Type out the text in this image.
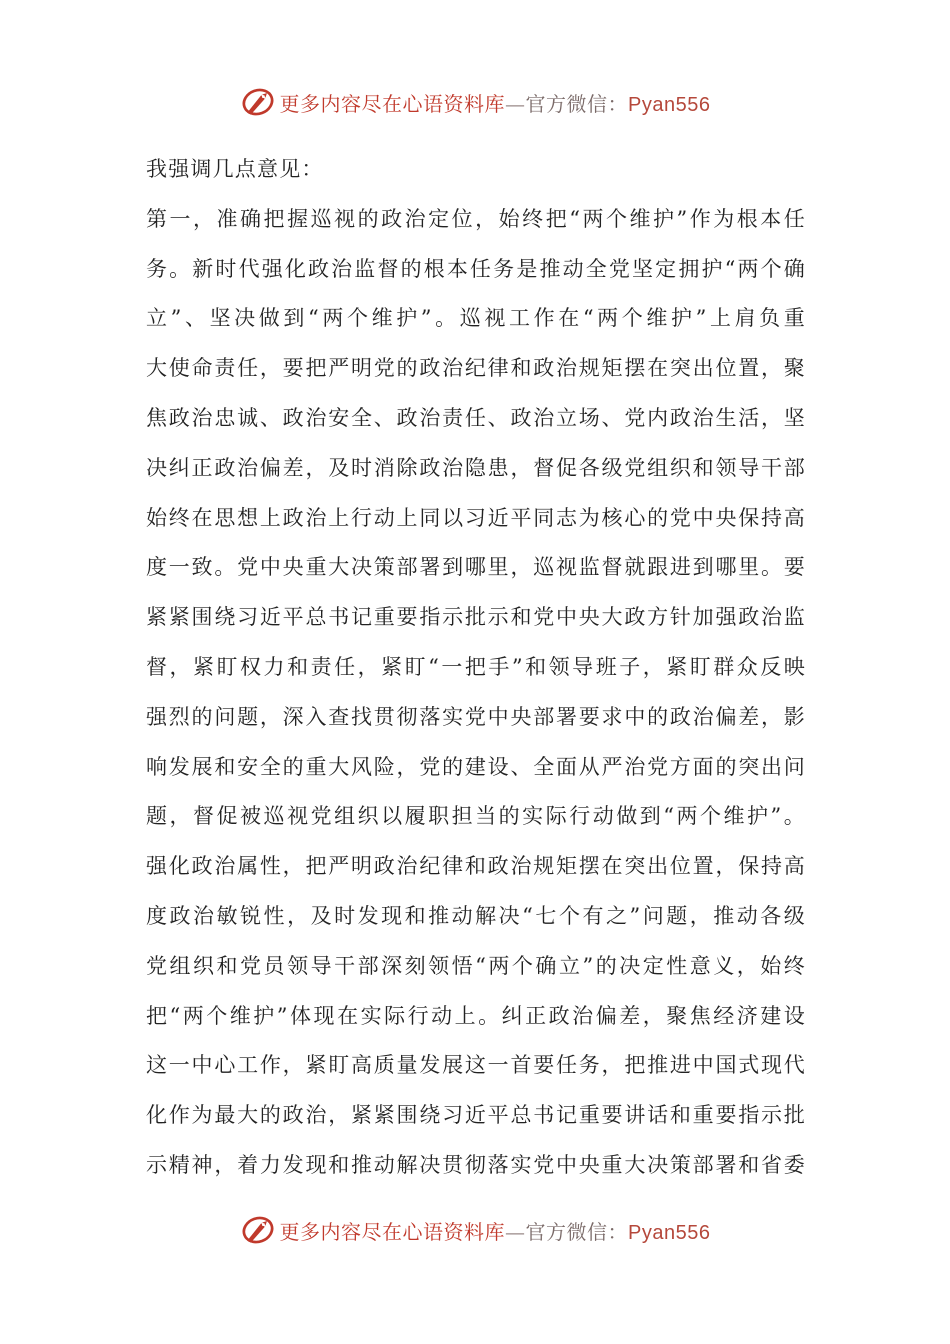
更多内容尽在心语资料库—官方微信：Pyan556
我强调几点意见：
第一，准确把握巡视的政治定位，始终把“两个维护”作为根本任
务。新时代强化政治监督的根本任务是推动全党坚定拥护“两个确
立”、坚决做到“两个维护”。巡视工作在“两个维护”上肩负重
大使命责任，要把严明党的政治纪律和政治规矩摆在突出位置，聚
焦政治忠诚、政治安全、政治责任、政治立场、党内政治生活，坚
决纠正政治偏差，及时消除政治隐患，督促各级党组织和领导干部
始终在思想上政治上行动上同以习近平同志为核心的党中央保持高
度一致。党中央重大决策部署到哪里，巡视监督就跟进到哪里。要
紧紧围绕习近平总书记重要指示批示和党中央大政方针加强政治监
督，紧盯权力和责任，紧盯“一把手”和领导班子，紧盯群众反映
强烈的问题，深入查找贯彻落实党中央部署要求中的政治偏差，影
响发展和安全的重大风险，党的建设、全面从严治党方面的突出问
题，督促被巡视党组织以履职担当的实际行动做到“两个维护”。
强化政治属性，把严明政治纪律和政治规矩摆在突出位置，保持高
度政治敏锐性，及时发现和推动解决“七个有之”问题，推动各级
党组织和党员领导干部深刻领悟“两个确立”的决定性意义，始终
把“两个维护”体现在实际行动上。纠正政治偏差，聚焦经济建设
这一中心工作，紧盯高质量发展这一首要任务，把推进中国式现代
化作为最大的政治，紧紧围绕习近平总书记重要讲话和重要指示批
示精神，着力发现和推动解决贯彻落实党中央重大决策部署和省委
更多内容尽在心语资料库—官方微信：Pyan556
